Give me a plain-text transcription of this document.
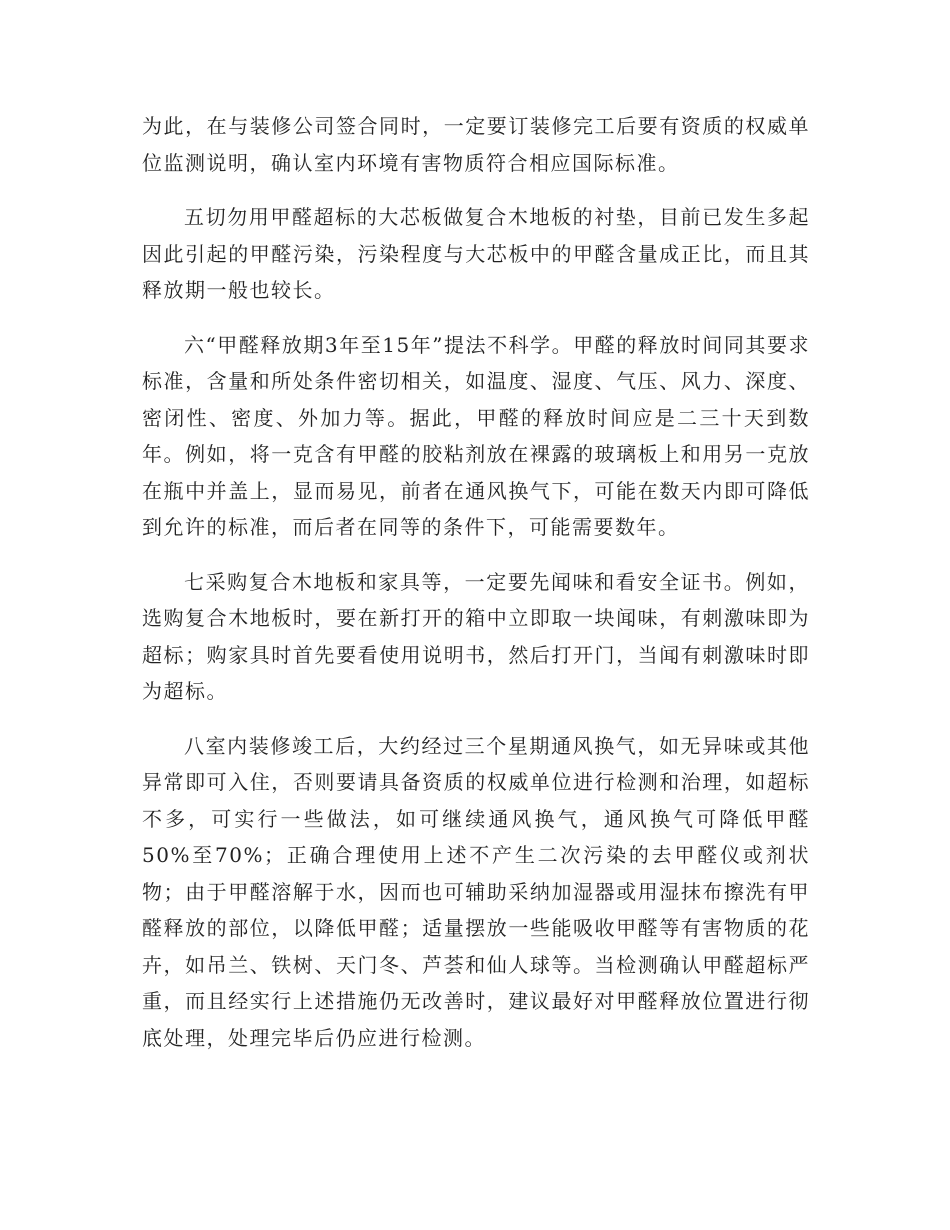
为此，在与装修公司签合同时，一定要订装修完工后要有资质的权威单位监测说明，确认室内环境有害物质符合相应国际标准。

五切勿用甲醛超标的大芯板做复合木地板的衬垫，目前已发生多起因此引起的甲醛污染，污染程度与大芯板中的甲醛含量成正比，而且其释放期一般也较长。

六“甲醛释放期3年至15年”提法不科学。甲醛的释放时间同其要求标准，含量和所处条件密切相关，如温度、湿度、气压、风力、深度、密闭性、密度、外加力等。据此，甲醛的释放时间应是二三十天到数年。例如，将一克含有甲醛的胶粘剂放在裸露的玻璃板上和用另一克放在瓶中并盖上，显而易见，前者在通风换气下，可能在数天内即可降低到允许的标准，而后者在同等的条件下，可能需要数年。

七采购复合木地板和家具等，一定要先闻味和看安全证书。例如，选购复合木地板时，要在新打开的箱中立即取一块闻味，有刺激味即为超标；购家具时首先要看使用说明书，然后打开门，当闻有刺激味时即为超标。

八室内装修竣工后，大约经过三个星期通风换气，如无异味或其他异常即可入住，否则要请具备资质的权威单位进行检测和治理，如超标不多，可实行一些做法，如可继续通风换气，通风换气可降低甲醛50%至70%；正确合理使用上述不产生二次污染的去甲醛仪或剂状物；由于甲醛溶解于水，因而也可辅助采纳加湿器或用湿抹布擦洗有甲醛释放的部位，以降低甲醛；适量摆放一些能吸收甲醛等有害物质的花卉，如吊兰、铁树、天门冬、芦荟和仙人球等。当检测确认甲醛超标严重，而且经实行上述措施仍无改善时，建议最好对甲醛释放位置进行彻底处理，处理完毕后仍应进行检测。
